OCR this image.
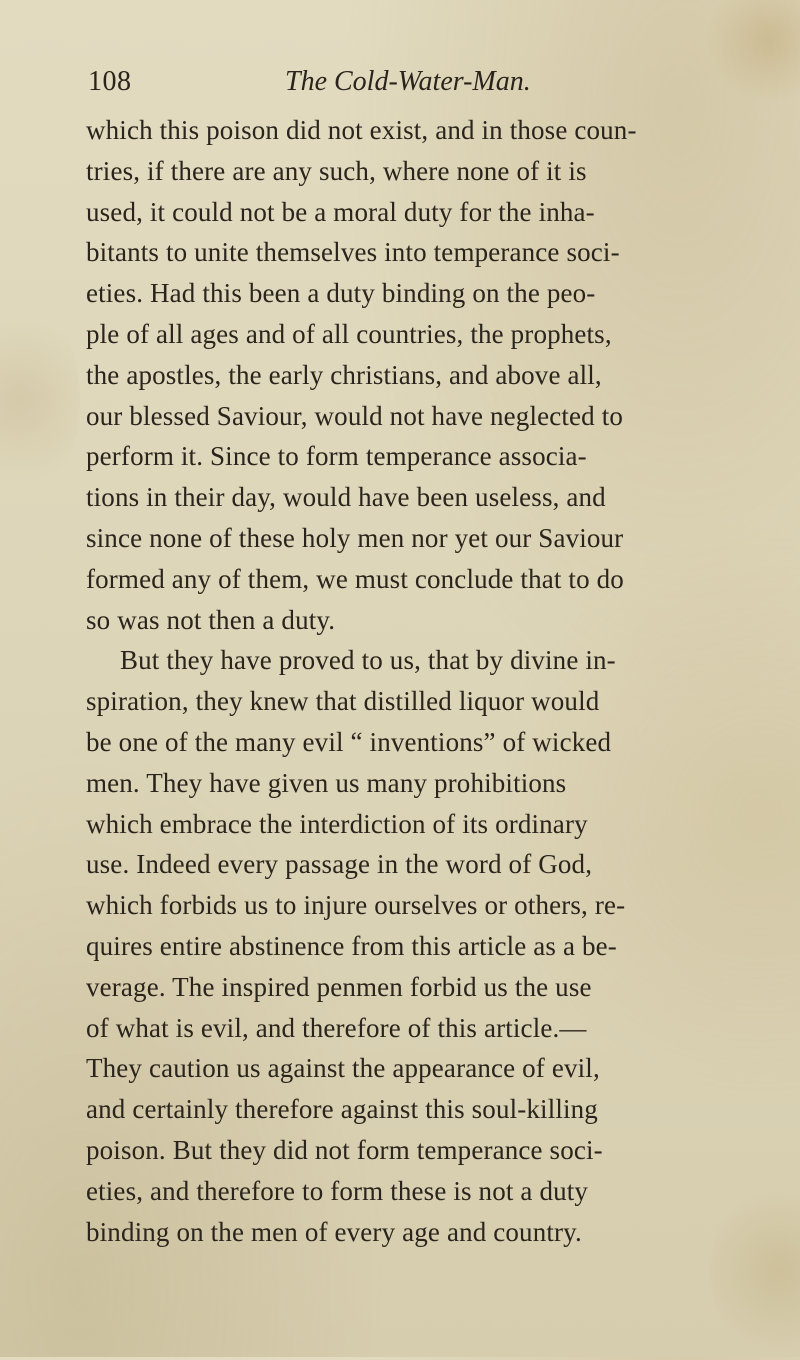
108	The Cold-Water-Man.
which this poison did not exist, and in those coun-
tries, if there are any such, where none of it is
used, it could not be a moral duty for the inha-
bitants to unite themselves into temperance soci-
eties. Had this been a duty binding on the peo-
ple of all ages and of all countries, the prophets,
the apostles, the early christians, and above all,
our blessed Saviour, would not have neglected to
perform it. Since to form temperance associa-
tions in their day, would have been useless, and
since none of these holy men nor yet our Saviour
formed any of them, we must conclude that to do
so was not then a duty.
But they have proved to us, that by divine in-
spiration, they knew that distilled liquor would
be one of the many evil “ inventions” of wicked
men. They have given us many prohibitions
which embrace the interdiction of its ordinary
use. Indeed every passage in the word of God,
which forbids us to injure ourselves or others, re-
quires entire abstinence from this article as a be-
verage. The inspired penmen forbid us the use
of what is evil, and therefore of this article.—
They caution us against the appearance of evil,
and certainly therefore against this soul-killing
poison. But they did not form temperance soci-
eties, and therefore to form these is not a duty
binding on the men of every age and country.
